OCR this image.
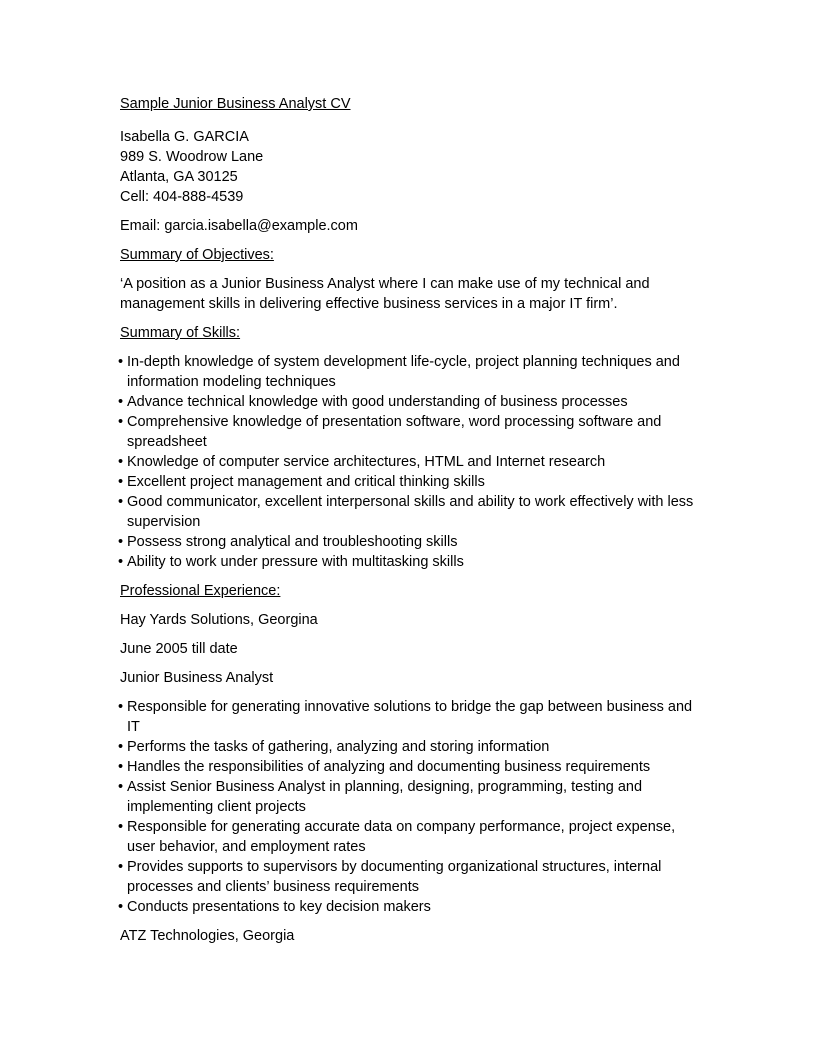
Sample Junior Business Analyst CV

Isabella G. GARCIA

989 S. Woodrow Lane

Atlanta, GA 30125

Cell: 404-888-4539

Email: garcia.isabella@example.com

Summary of Objectives:

‘A position as a Junior Business Analyst where I can make use of my technical and management skills in delivering effective business services in a major IT firm’.

Summary of Skills:

• In-depth knowledge of system development life-cycle, project planning techniques and information modeling techniques
• Advance technical knowledge with good understanding of business processes
• Comprehensive knowledge of presentation software, word processing software and spreadsheet
• Knowledge of computer service architectures, HTML and Internet research
• Excellent project management and critical thinking skills
• Good communicator, excellent interpersonal skills and ability to work effectively with less supervision
• Possess strong analytical and troubleshooting skills
• Ability to work under pressure with multitasking skills

Professional Experience:

Hay Yards Solutions, Georgina

June 2005 till date

Junior Business Analyst

• Responsible for generating innovative solutions to bridge the gap between business and IT
• Performs the tasks of gathering, analyzing and storing information
• Handles the responsibilities of analyzing and documenting business requirements
• Assist Senior Business Analyst in planning, designing, programming, testing and implementing client projects
• Responsible for generating accurate data on company performance, project expense, user behavior, and employment rates
• Provides supports to supervisors by documenting organizational structures, internal processes and clients’ business requirements
• Conducts presentations to key decision makers

ATZ Technologies, Georgia
